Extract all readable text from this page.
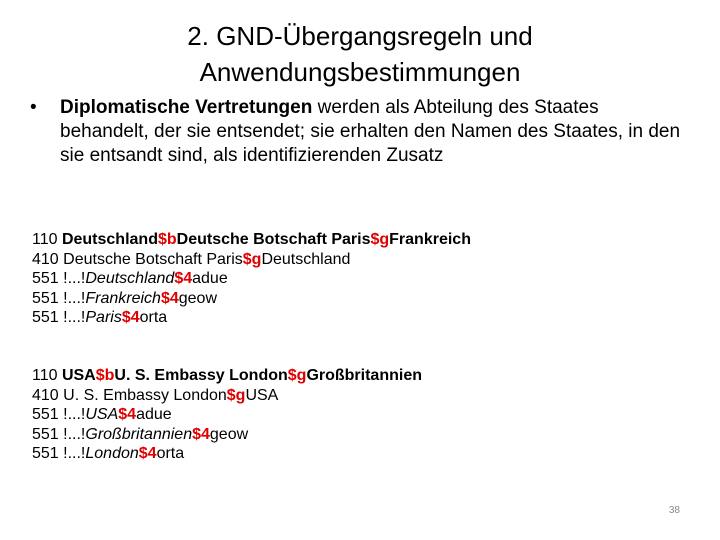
2. GND-Übergangsregeln und
Anwendungsbestimmungen
• Diplomatische Vertretungen werden als Abteilung des Staates behandelt, der sie entsendet; sie erhalten den Namen des Staates, in den sie entsandt sind, als identifizierenden Zusatz
110 Deutschland$bDeutsche Botschaft Paris$gFrankreich
410 Deutsche Botschaft Paris$gDeutschland
551 !...!Deutschland$4adue
551 !...!Frankreich$4geow
551 !...!Paris$4orta
110 USA$bU. S. Embassy London$gGroßbritannien
410 U. S. Embassy London$gUSA
551 !...!USA$4adue
551 !...!Großbritannien$4geow
551 !...!London$4orta
38
